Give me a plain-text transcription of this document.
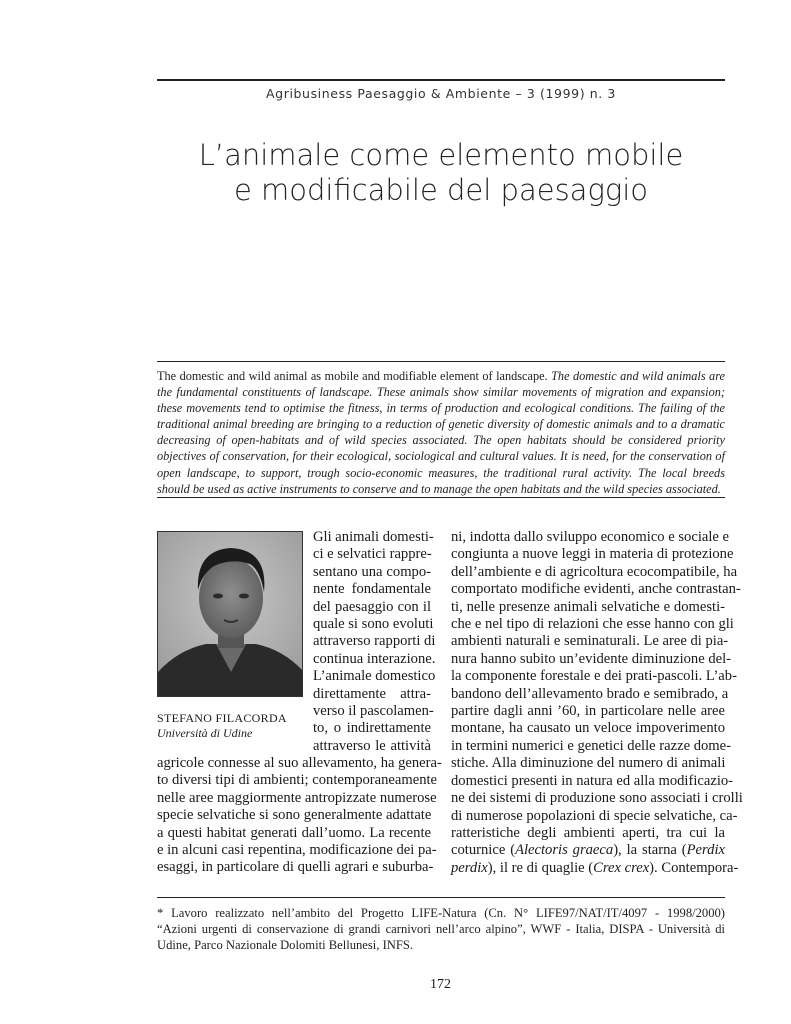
Agribusiness Paesaggio & Ambiente – 3 (1999) n. 3
L’animale come elemento mobile
e modificabile del paesaggio
The domestic and wild animal as mobile and modifiable element of landscape. The domestic and wild animals are the fundamental constituents of landscape. These animals show similar movements of migration and expansion; these movements tend to optimise the fitness, in terms of production and ecological conditions. The failing of the traditional animal breeding are bringing to a reduction of genetic diversity of domestic animals and to a dramatic decreasing of open-habitats and of wild species associated. The open habitats should be considered priority objectives of conservation, for their ecological, sociological and cultural values. It is need, for the conservation of open landscape, to support, trough socio-economic measures, the traditional rural activity. The local breeds should be used as active instruments to conserve and to manage the open habitats and the wild species associated.
STEFANO FILACORDA
Università di Udine
Gli animali domesti-
ci e selvatici rappre-
sentano una compo-
nente fondamentale
del paesaggio con il
quale si sono evoluti
attraverso rapporti di
continua interazione.
L’animale domestico
direttamente attra-
verso il pascolamen-
to, o indirettamente
attraverso le attività
agricole connesse al suo allevamento, ha genera-
to diversi tipi di ambienti; contemporaneamente
nelle aree maggiormente antropizzate numerose
specie selvatiche si sono generalmente adattate
a questi habitat generati dall’uomo. La recente
e in alcuni casi repentina, modificazione dei pa-
esaggi, in particolare di quelli agrari e suburba-
ni, indotta dallo sviluppo economico e sociale e
congiunta a nuove leggi in materia di protezione
dell’ambiente e di agricoltura ecocompatibile, ha
comportato modifiche evidenti, anche contrastan-
ti, nelle presenze animali selvatiche e domesti-
che e nel tipo di relazioni che esse hanno con gli
ambienti naturali e seminaturali. Le aree di pia-
nura hanno subito un’evidente diminuzione del-
la componente forestale e dei prati-pascoli. L’ab-
bandono dell’allevamento brado e semibrado, a
partire dagli anni ’60, in particolare nelle aree
montane, ha causato un veloce impoverimento
in termini numerici e genetici delle razze dome-
stiche. Alla diminuzione del numero di animali
domestici presenti in natura ed alla modificazio-
ne dei sistemi di produzione sono associati i crolli
di numerose popolazioni di specie selvatiche, ca-
ratteristiche degli ambienti aperti, tra cui la
coturnice (Alectoris graeca), la starna (Perdix
perdix), il re di quaglie (Crex crex). Contempora-
* Lavoro realizzato nell’ambito del Progetto LIFE-Natura (Cn. N° LIFE97/NAT/IT/4097 - 1998/2000)
“Azioni urgenti di conservazione di grandi carnivori nell’arco alpino”, WWF - Italia, DISPA - Università di
Udine, Parco Nazionale Dolomiti Bellunesi, INFS.
172
